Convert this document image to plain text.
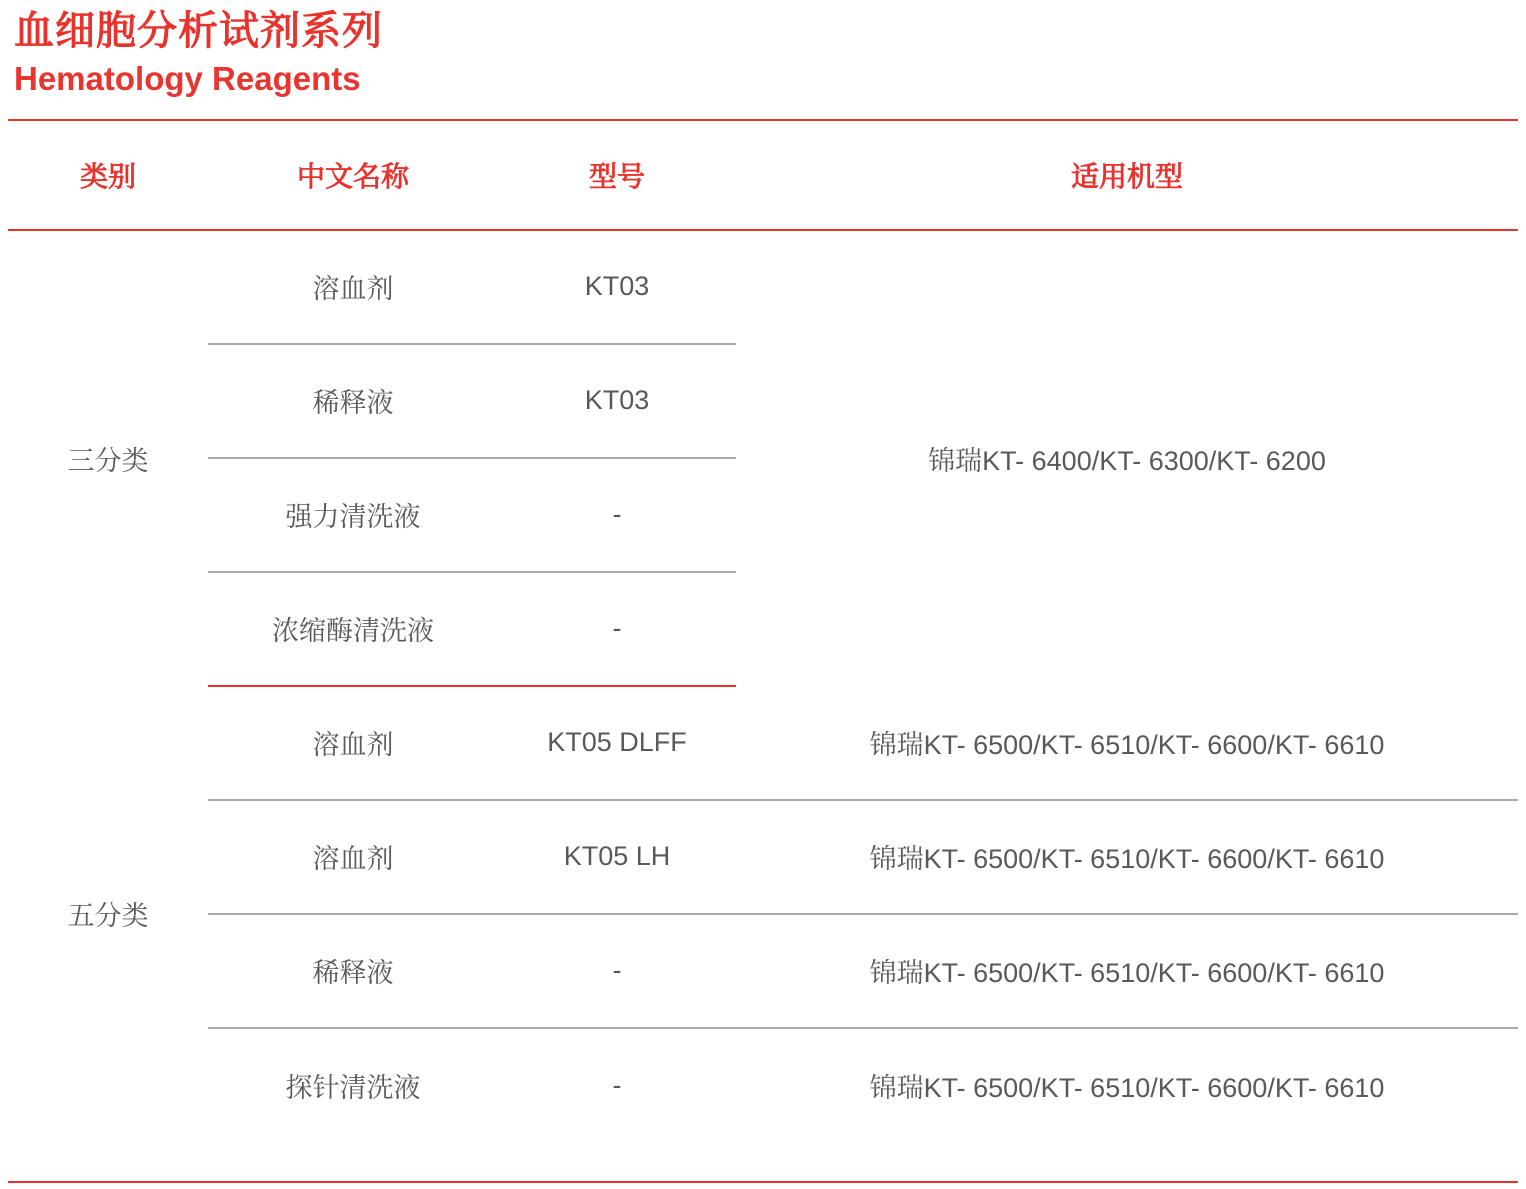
血细胞分析试剂系列
Hematology Reagents
类别	中文名称	型号	适用机型
三分类	溶血剂	KT03	锦瑞KT- 6400/KT- 6300/KT- 6200
	稀释液	KT03	
	强力清洗液	-	
	浓缩酶清洗液	-	
五分类	溶血剂	KT05 DLFF	锦瑞KT- 6500/KT- 6510/KT- 6600/KT- 6610
	溶血剂	KT05 LH	锦瑞KT- 6500/KT- 6510/KT- 6600/KT- 6610
	稀释液	-	锦瑞KT- 6500/KT- 6510/KT- 6600/KT- 6610
	探针清洗液	-	锦瑞KT- 6500/KT- 6510/KT- 6600/KT- 6610
